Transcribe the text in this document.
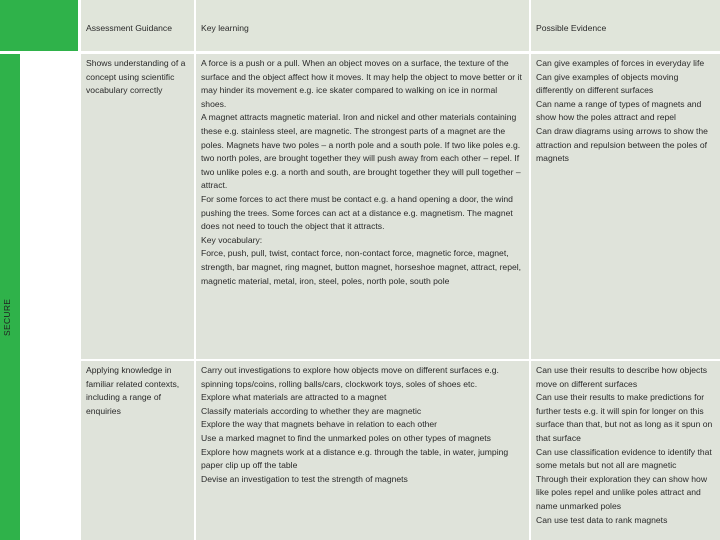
SECURE
Assessment Guidance	Key learning	Possible Evidence
Shows understanding of a concept using scientific vocabulary correctly

A force is a push or a pull. When an object moves on a surface, the texture of the surface and the object affect how it moves. It may help the object to move better or it may hinder its movement e.g. ice skater compared to walking on ice in normal shoes.

A magnet attracts magnetic material. Iron and nickel and other materials containing these e.g. stainless steel, are magnetic. The strongest parts of a magnet are the poles. Magnets have two poles – a north pole and a south pole. If two like poles e.g. two north poles, are brought together they will push away from each other – repel. If two unlike poles e.g. a north and south, are brought together they will pull together – attract.

For some forces to act there must be contact e.g. a hand opening a door, the wind pushing the trees. Some forces can act at a distance e.g. magnetism. The magnet does not need to touch the object that it attracts.

Key vocabulary:

Force, push, pull, twist, contact force, non-contact force, magnetic force, magnet, strength, bar magnet, ring magnet, button magnet, horseshoe magnet, attract, repel, magnetic material, metal, iron, steel, poles, north pole, south pole

Can give examples of forces in everyday life

Can give examples of objects moving differently on different surfaces

Can name a range of types of magnets and show how the poles attract and repel

Can draw diagrams using arrows to show the attraction and repulsion between the poles of magnets

Applying knowledge in familiar related contexts, including a range of enquiries

Carry out investigations to explore how objects move on different surfaces e.g. spinning tops/coins, rolling balls/cars, clockwork toys, soles of shoes etc.

Explore what materials are attracted to a magnet

Classify materials according to whether they are magnetic

Explore the way that magnets behave in relation to each other

Use a marked magnet to find the unmarked poles on other types of magnets

Explore how magnets work at a distance e.g. through the table, in water, jumping paper clip up off the table

Devise an investigation to test the strength of magnets

Can use their results to describe how objects move on different surfaces

Can use their results to make predictions for further tests e.g. it will spin for longer on this surface than that, but not as long as it spun on that surface

Can use classification evidence to identify that some metals but not all are magnetic

Through their exploration they can show how like poles repel and unlike poles attract and name unmarked poles

Can use test data to rank magnets
